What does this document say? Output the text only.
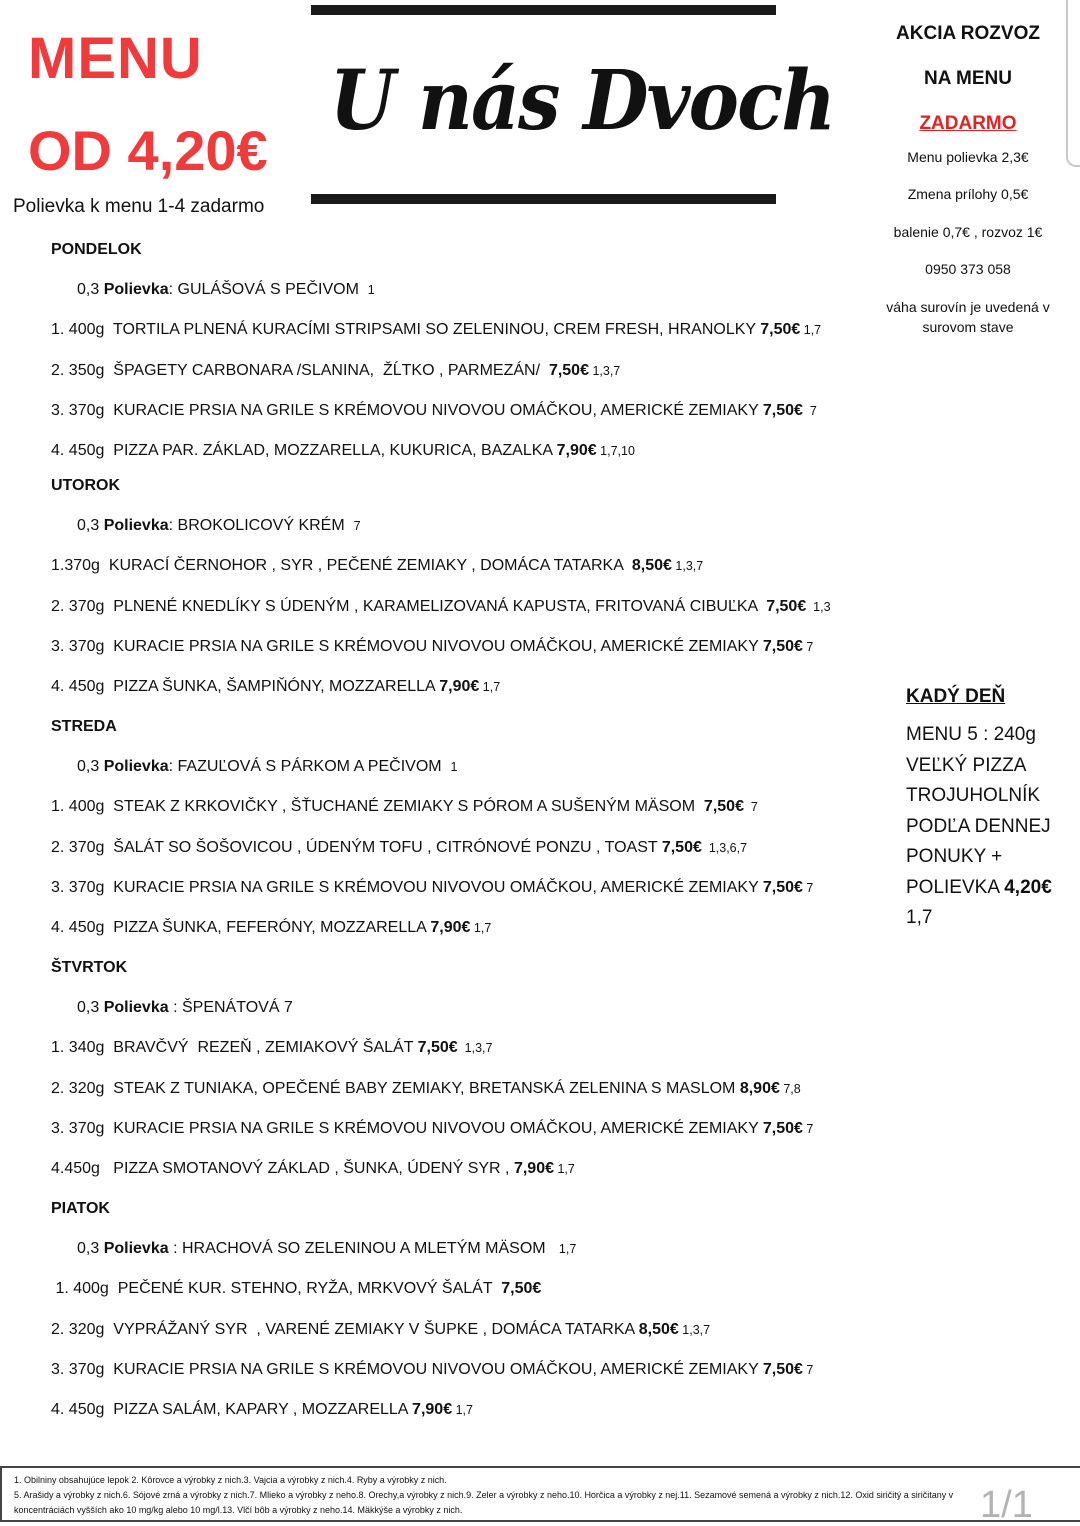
MENU
OD 4,20€
Polievka k menu 1-4 zadarmo
U nás Dvoch
AKCIA ROZVOZ
NA MENU
ZADARMO
Menu polievka 2,3€
Zmena prílohy 0,5€
balenie 0,7€ , rozvoz 1€
0950 373 058
váha surovín je uvedená v surovom stave
PONDELOK
0,3 Polievka: GULÁŠOVÁ S PEČIVOM  1
1. 400g  TORTILA PLNENÁ KURACÍMI STRIPSAMI SO ZELENINOU, CREM FRESH, HRANOLKY 7,50€ 1,7
2. 350g  ŠPAGETY CARBONARA /SLANINA,  ŽĹTKO , PARMEZÁN/  7,50€ 1,3,7
3. 370g  KURACIE PRSIA NA GRILE S KRÉMOVOU NIVOVOU OMÁČKOU, AMERICKÉ ZEMIAKY 7,50€  7
4. 450g  PIZZA PAR. ZÁKLAD, MOZZARELLA, KUKURICA, BAZALKA 7,90€ 1,7,10
UTOROK
0,3 Polievka: BROKOLICOVÝ KRÉM  7
1.370g  KURACÍ ČERNOHOR , SYR , PEČENÉ ZEMIAKY , DOMÁCA TATARKA  8,50€ 1,3,7
2. 370g  PLNENÉ KNEDLÍKY S ÚDENÝM , KARAMELIZOVANÁ KAPUSTA, FRITOVANÁ CIBUĽKA  7,50€  1,3
3. 370g  KURACIE PRSIA NA GRILE S KRÉMOVOU NIVOVOU OMÁČKOU, AMERICKÉ ZEMIAKY 7,50€ 7
4. 450g  PIZZA ŠUNKA, ŠAMPIŇÓNY, MOZZARELLA 7,90€ 1,7
STREDA
0,3 Polievka: FAZUĽOVÁ S PÁRKOM A PEČIVOM  1
1. 400g  STEAK Z KRKOVIČKY , ŠŤUCHANÉ ZEMIAKY S PÓROM A SUŠENÝM MÄSOM  7,50€  7
2. 370g  ŠALÁT SO ŠOŠOVICOU , ÚDENÝM TOFU , CITRÓNOVÉ PONZU , TOAST 7,50€  1,3,6,7
3. 370g  KURACIE PRSIA NA GRILE S KRÉMOVOU NIVOVOU OMÁČKOU, AMERICKÉ ZEMIAKY 7,50€ 7
4. 450g  PIZZA ŠUNKA, FEFERÓNY, MOZZARELLA 7,90€ 1,7
ŠTVRTOK
0,3 Polievka : ŠPENÁTOVÁ 7
1. 340g  BRAVČVÝ  REZEŇ , ZEMIAKOVÝ ŠALÁT 7,50€  1,3,7
2. 320g  STEAK Z TUNIAKA, OPEČENÉ BABY ZEMIAKY, BRETANSKÁ ZELENINA S MASLOM 8,90€ 7,8
3. 370g  KURACIE PRSIA NA GRILE S KRÉMOVOU NIVOVOU OMÁČKOU, AMERICKÉ ZEMIAKY 7,50€ 7
4.450g   PIZZA SMOTANOVÝ ZÁKLAD , ŠUNKA, ÚDENÝ SYR , 7,90€ 1,7
PIATOK
0,3 Polievka : HRACHOVÁ SO ZELENINOU A MLETÝM MÄSOM   1,7
1. 400g  PEČENÉ KUR. STEHNO, RYŽA, MRKVOVÝ ŠALÁT  7,50€
2. 320g  VYPRÁŽANÝ SYR  , VARENÉ ZEMIAKY V ŠUPKE , DOMÁCA TATARKA 8,50€ 1,3,7
3. 370g  KURACIE PRSIA NA GRILE S KRÉMOVOU NIVOVOU OMÁČKOU, AMERICKÉ ZEMIAKY 7,50€ 7
4. 450g  PIZZA SALÁM, KAPARY , MOZZARELLA 7,90€ 1,7
KADÝ DEŇ
MENU 5 : 240g
VEĽKÝ PIZZA
TROJUHOLNÍK
PODĽA DENNEJ
PONUKY +
POLIEVKA 4,20€
1,7
1. Obilniny obsahujúce lepok 2. Kôrovce a výrobky z nich.3. Vajcia a výrobky z nich.4. Ryby a výrobky z nich.
5. Arašidy a výrobky z nich.6. Sójové zrná a výrobky z nich.7. Mlieko a výrobky z neho.8. Orechy,a výrobky z nich.9. Zeler a výrobky z neho.10. Horčica a výrobky z nej.11. Sezamové semená a výrobky z nich.12. Oxid siričitý a siričitany v
koncentráciách vyšších ako 10 mg/kg alebo 10 mg/l.13. Vlčí bôb a výrobky z neho.14. Mäkkýše a výrobky z nich.	1/1
